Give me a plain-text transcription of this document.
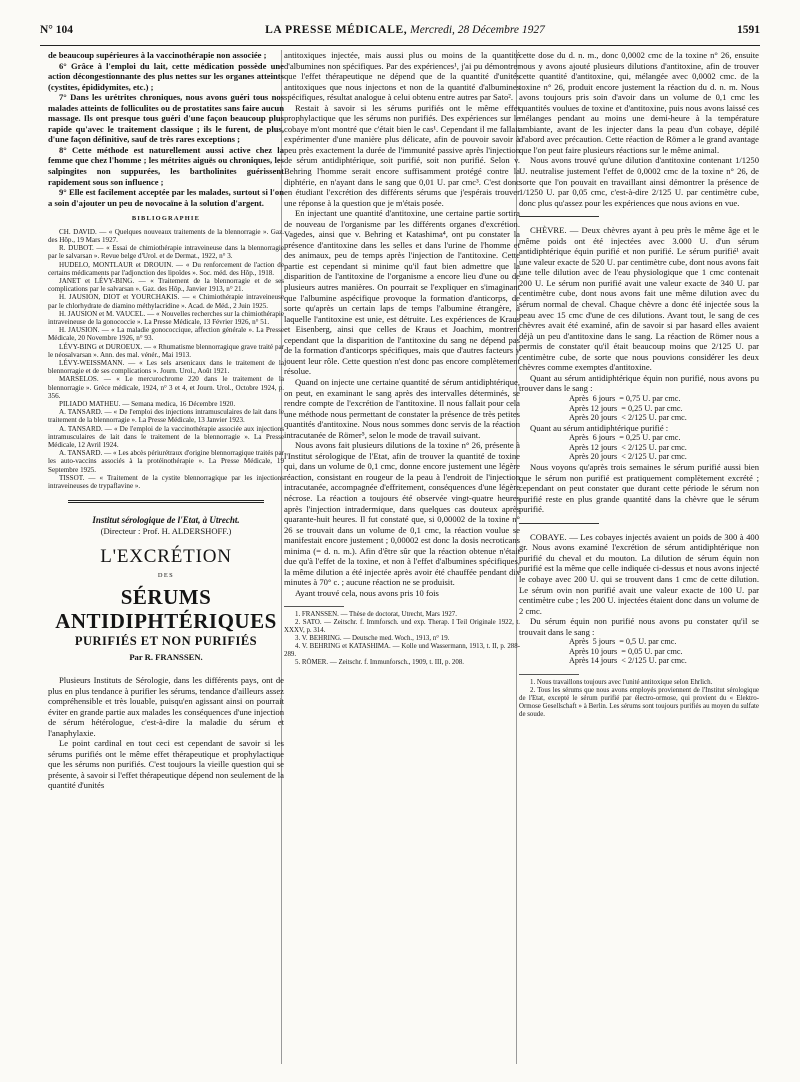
N° 104	LA PRESSE MÉDICALE, Mercredi, 28 Décembre 1927	1591

de beaucoup supérieures à la vaccinothérapie non associée ;

6° Grâce à l'emploi du lait, cette médication possède une action décongestionnante des plus nettes sur les organes atteints (cystites, épididymites, etc.) ;

7° Dans les urétrites chroniques, nous avons guéri tous nos malades atteints de folliculites ou de prostatites sans faire aucun massage. Ils ont presque tous guéri d'une façon beaucoup plus rapide qu'avec le traitement classique ; ils le furent, de plus, d'une façon définitive, sauf de très rares exceptions ;

8° Cette méthode est naturellement aussi active chez la femme que chez l'homme ; les métrites aiguës ou chroniques, les salpingites non suppurées, les bartholinites guérissent rapidement sous son influence ;

9° Elle est facilement acceptée par les malades, surtout si l'on a soin d'ajouter un peu de novocaïne à la solution d'argent.

BIBLIOGRAPHIE

CH. DAVID. — « Quelques nouveaux traitements de la blennorragie ». Gaz. des Hôp., 19 Mars 1927.

R. DUBOT. — « Essai de chimiothérapie intraveineuse dans la blennorragie par le salvarsan ». Revue belge d'Urol. et de Dermat., 1922, n° 3.

HUDELO, MONTLAUR et DROUIN. — « Du renforcement de l'action de certains médicaments par l'adjonction des lipoïdes ». Soc. méd. des Hôp., 1918.

JANET et LÉVY-BING. — « Traitement de la blennorragie et de ses complications par le salvarsan ». Gaz. des Hôp., Janvier 1913, n° 21.

H. JAUSION, DIOT et YOURCHAKIS. — « Chimiothérapie intraveineuse par le chlorhydrate de diamino méthylacridine ». Acad. de Méd., 2 Juin 1925.

H. JAUSION et M. VAUCEL. — « Nouvelles recherches sur la chimiothérapie intraveineuse de la gonococcie ». La Presse Médicale, 13 Février 1926, n° 51.

H. JAUSION. — « La maladie gonococcique, affection générale ». La Presse Médicale, 20 Novembre 1926, n° 93.

LÉVY-BING et DUROEUX. — « Rhumatisme blennorragique grave traité par le néosalvarsan ». Ann. des mal. vénér., Mai 1913.

LÉVY-WEISSMANN. — « Les sels arsenicaux dans le traitement de la blennorragie et de ses complications ». Journ. Urol., Août 1921.

MARSELOS. — « Le mercurochrome 220 dans le traitement de la blennorragie ». Grèce médicale, 1924, n° 3 et 4, et Journ. Urol., Octobre 1924, p. 356.

PILIADO MATHEU. — Semana medica, 16 Décembre 1920.

A. TANSARD. — « De l'emploi des injections intramusculaires de lait dans le traitement de la blennorragie ». La Presse Médicale, 13 Janvier 1923.

A. TANSARD. — « De l'emploi de la vaccinothérapie associée aux injections intramusculaires de lait dans le traitement de la blennorragie ». La Presse Médicale, 12 Avril 1924.

A. TANSARD. — « Les abcès périurétraux d'origine blennorragique traités par les auto-vaccins associés à la protéinothérapie ». La Presse Médicale, 19 Septembre 1925.

TISSOT. — « Traitement de la cystite blennorragique par les injections intraveineuses de trypaflavine ».

Institut sérologique de l'Etat, à Utrecht.
(Directeur : Prof. H. ALDERSHOFF.)
L'EXCRÉTION
DES
SÉRUMS ANTIDIPHTÉRIQUES
PURIFIÉS ET NON PURIFIÉS
Par R. FRANSSEN.

Plusieurs Instituts de Sérologie, dans les différents pays, ont de plus en plus tendance à purifier les sérums, tendance d'ailleurs assez compréhensible et très louable, puisqu'en agissant ainsi on pourrait éviter en grande partie aux malades les conséquences d'une injection de sérum hétérologue, c'est-à-dire la maladie du sérum et l'anaphylaxie.

Le point cardinal en tout ceci est cependant de savoir si les sérums purifiés ont le même effet thérapeutique et prophylactique que les sérums non purifiés. C'est toujours la vieille question qui se présente, à savoir si l'effet thérapeutique dépend non seulement de la quantité d'unités

antitoxiques injectée, mais aussi plus ou moins de la quantité d'albumines non spécifiques. Par des expériences¹, j'ai pu démontrer que l'effet thérapeutique ne dépend que de la quantité d'unités antitoxiques que nous injectons et non de la quantité d'albumines spécifiques, résultat analogue à celui obtenu entre autres par Sato².

Restait à savoir si les sérums purifiés ont le même effet prophylactique que les sérums non purifiés. Des expériences sur le cobaye m'ont montré que c'était bien le cas¹. Cependant il me fallait expérimenter d'une manière plus délicate, afin de pouvoir savoir à peu près exactement la durée de l'immunité passive après l'injection de sérum antidiphtérique, soit purifié, soit non purifié. Selon v. Behring l'homme serait encore suffisamment protégé contre la diphtérie, en n'ayant dans le sang que 0,01 U. par cmc³. C'est donc en étudiant l'excrétion des différents sérums que j'espérais trouver une réponse à la question que je m'étais posée.

En injectant une quantité d'antitoxine, une certaine partie sortira de nouveau de l'organisme par les différents organes d'excrétion. Vagedes, ainsi que v. Behring et Katashima⁴, ont pu constater la présence d'antitoxine dans les selles et dans l'urine de l'homme et des animaux, peu de temps après l'injection de l'antitoxine. Cette partie est cependant si minime qu'il faut bien admettre que la disparition de l'antitoxine de l'organisme a encore lieu d'une ou de plusieurs autres manières. On pourrait se l'expliquer en s'imaginant que l'albumine aspécifique provoque la formation d'anticorps, de sorte qu'après un certain laps de temps l'albumine étrangère, à laquelle l'antitoxine est unie, est détruite. Les expériences de Kraus et Eisenberg, ainsi que celles de Kraus et Joachim, montrent cependant que la disparition de l'antitoxine du sang ne dépend pas de la formation d'anticorps spécifiques, mais que d'autres facteurs y jouent leur rôle. Cette question n'est donc pas encore complètement résolue.

Quand on injecte une certaine quantité de sérum antidiphtérique, on peut, en examinant le sang après des intervalles déterminés, se rendre compte de l'excrétion de l'antitoxine. Il nous fallait pour cela une méthode nous permettant de constater la présence de très petites quantités d'antitoxine. Nous nous sommes donc servis de la réaction intracutanée de Römer⁵, selon le mode de travail suivant.

Nous avons fait plusieurs dilutions de la toxine n° 26, présente à l'Institut sérologique de l'Etat, afin de trouver la quantité de toxine qui, dans un volume de 0,1 cmc, donne encore justement une légère réaction, consistant en rougeur de la peau à l'endroit de l'injection intracutanée, accompagnée d'effritement, conséquences d'une légère nécrose. La réaction a toujours été observée vingt-quatre heures après l'injection intradermique, dans quelques cas douteux après quarante-huit heures. Il fut constaté que, si 0,00002 de la toxine n° 26 se trouvait dans un volume de 0,1 cmc, la réaction voulue se manifestait encore justement ; 0,00002 est donc la dosis necroticans minima (= d. n. m.). Afin d'être sûr que la réaction obtenue n'était due qu'à l'effet de la toxine, et non à l'effet d'albumines spécifiques, la même dilution a été injectée après avoir été chauffée pendant dix minutes à 70° c. ; aucune réaction ne se produisit.

Ayant trouvé cela, nous avons pris 10 fois

1. FRANSSEN. — Thèse de doctorat, Utrecht, Mars 1927.

2. SATO. — Zeitschr. f. Immforsch. und exp. Therap. I Teil Originale 1922, t. XXXV, p. 314.

3. V. BEHRING. — Deutsche med. Woch., 1913, n° 19.

4. V. BEHRING et KATASHIMA. — Kolle und Wassermann, 1913, t. II, p. 288-289.

5. RÖMER. — Zeitschr. f. Immunforsch., 1909, t. III, p. 208.

cette dose du d. n. m., donc 0,0002 cmc de la toxine n° 26, ensuite nous y avons ajouté plusieurs dilutions d'antitoxine, afin de trouver cette quantité d'antitoxine, qui, mélangée avec 0,0002 cmc. de la toxine n° 26, produit encore justement la réaction du d. n. m. Nous avons toujours pris soin d'avoir dans un volume de 0,1 cmc les quantités voulues de toxine et d'antitoxine, puis nous avons laissé ces mélanges pendant au moins une demi-heure à la température ambiante, avant de les injecter dans la peau d'un cobaye, dépilé d'abord avec précaution. Cette réaction de Römer a le grand avantage que l'on peut faire plusieurs réactions sur le même animal.

Nous avons trouvé qu'une dilution d'antitoxine contenant 1/1250 U. neutralise justement l'effet de 0,0002 cmc de la toxine n° 26, de sorte que l'on pouvait en travaillant ainsi démontrer la présence de 1/1250 U. par 0,05 cmc, c'est-à-dire 2/125 U. par centimètre cube, donc plus qu'assez pour les expériences que nous avions en vue.

CHÈVRE. — Deux chèvres ayant à peu près le même âge et le même poids ont été injectées avec 3.000 U. d'un sérum antidiphtérique équin purifié et non purifié. Le sérum purifié¹ avait une valeur exacte de 520 U. par centimètre cube, dont nous avons fait une telle dilution avec de l'eau physiologique que 1 cmc contenait 200 U. Le sérum non purifié avait une valeur exacte de 340 U. par centimètre cube, dont nous avons fait une même dilution avec du sérum normal de cheval. Chaque chèvre a donc été injectée sous la peau avec 15 cmc d'une de ces dilutions. Avant tout, le sang de ces chèvres avait été examiné, afin de savoir si par hasard elles avaient déjà un peu d'antitoxine dans le sang. La réaction de Römer nous a permis de constater qu'il était beaucoup moins que 2/125 U. par centimètre cube, de sorte que nous pouvions considérer les deux chèvres comme exemptes d'antitoxine.

Quant au sérum antidiphtérique équin non purifié, nous avons pu trouver dans le sang :

Après  6 jours  = 0,75 U. par cmc.
Après 12 jours  = 0,25 U. par cmc.
Après 20 jours  < 2/125 U. par cmc.

Quant au sérum antidiphtérique purifié :

Après  6 jours  = 0,25 U. par cmc.
Après 12 jours  < 2/125 U. par cmc.
Après 20 jours  < 2/125 U. par cmc.

Nous voyons qu'après trois semaines le sérum purifié aussi bien que le sérum non purifié est pratiquement complètement excrété ; cependant on peut constater que durant cette période le sérum non purifié reste en plus grande quantité dans la chèvre que le sérum purifié.

COBAYE. — Les cobayes injectés avaient un poids de 300 à 400 gr. Nous avons examiné l'excrétion de sérum antidiphtérique non purifié du cheval et du mouton. La dilution de sérum équin non purifié est la même que celle indiquée ci-dessus et nous avons injecté le cobaye avec 200 U. qui se trouvent dans 1 cmc de cette dilution. Le sérum ovin non purifié avait une valeur exacte de 100 U. par centimètre cube ; les 200 U. injectées étaient donc dans un volume de 2 cmc.

Du sérum équin non purifié nous avons pu constater qu'il se trouvait dans le sang :

Après  5 jours  = 0,5 U. par cmc.
Après 10 jours  = 0,05 U. par cmc.
Après 14 jours  < 2/125 U. par cmc.

1. Nous travaillons toujours avec l'unité antitoxique selon Ehrlich.

2. Tous les sérums que nous avons employés proviennent de l'Institut sérologique de l'Etat, excepté le sérum purifié par électro-ormose, qui provient du « Elektro-Ormose Gesellschaft » à Berlin. Les sérums sont toujours purifiés au moyen du sulfate de soude.
